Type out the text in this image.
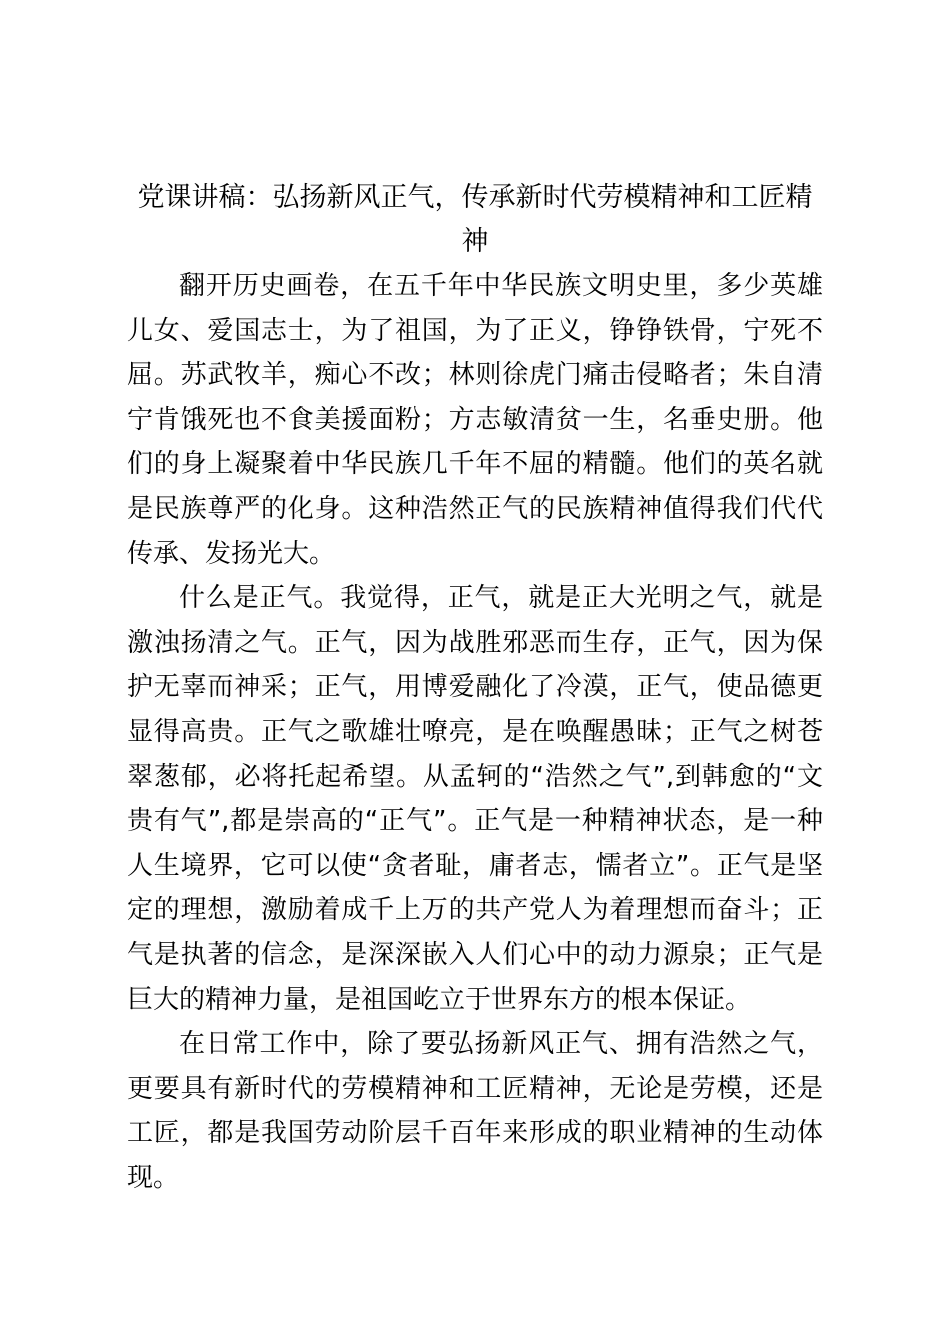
党课讲稿：弘扬新风正气，传承新时代劳模精神和工匠精神

翻开历史画卷，在五千年中华民族文明史里，多少英雄儿女、爱国志士，为了祖国，为了正义，铮铮铁骨，宁死不屈。苏武牧羊，痴心不改；林则徐虎门痛击侵略者；朱自清宁肯饿死也不食美援面粉；方志敏清贫一生，名垂史册。他们的身上凝聚着中华民族几千年不屈的精髓。他们的英名就是民族尊严的化身。这种浩然正气的民族精神值得我们代代传承、发扬光大。

什么是正气。我觉得，正气，就是正大光明之气，就是激浊扬清之气。正气，因为战胜邪恶而生存，正气，因为保护无辜而神采；正气，用博爱融化了冷漠，正气，使品德更显得高贵。正气之歌雄壮嘹亮，是在唤醒愚昧；正气之树苍翠葱郁，必将托起希望。从孟轲的“浩然之气”,到韩愈的“文贵有气”,都是崇高的“正气”。正气是一种精神状态，是一种人生境界，它可以使“贪者耻，庸者志，懦者立”。正气是坚定的理想，激励着成千上万的共产党人为着理想而奋斗；正气是执著的信念，是深深嵌入人们心中的动力源泉；正气是巨大的精神力量，是祖国屹立于世界东方的根本保证。

在日常工作中，除了要弘扬新风正气、拥有浩然之气，更要具有新时代的劳模精神和工匠精神，无论是劳模，还是工匠，都是我国劳动阶层千百年来形成的职业精神的生动体现。
